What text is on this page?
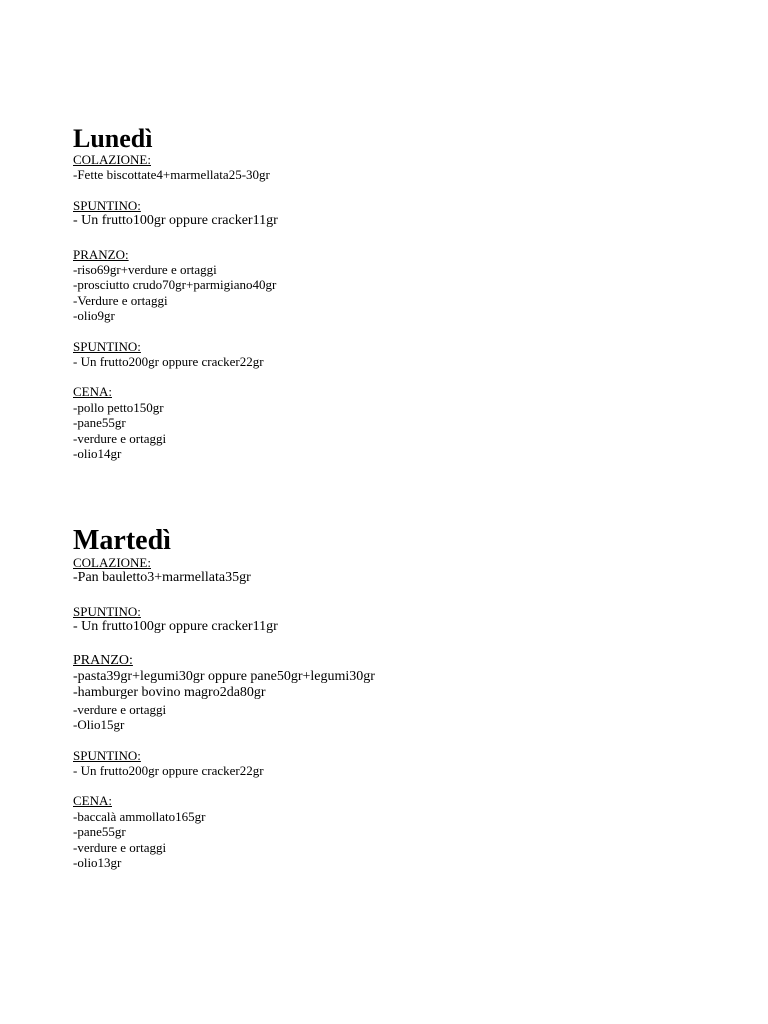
Lunedì
COLAZIONE:
-Fette biscottate4+marmellata25-30gr
SPUNTINO:
- Un frutto100gr oppure cracker11gr
PRANZO:
-riso69gr+verdure e ortaggi
-prosciutto crudo70gr+parmigiano40gr
-Verdure e ortaggi
-olio9gr
SPUNTINO:
- Un frutto200gr oppure cracker22gr
CENA:
-pollo petto150gr
-pane55gr
-verdure e ortaggi
-olio14gr
Martedì
COLAZIONE:
-Pan bauletto3+marmellata35gr
SPUNTINO:
- Un frutto100gr oppure cracker11gr
PRANZO:
-pasta39gr+legumi30gr oppure pane50gr+legumi30gr
-hamburger bovino magro2da80gr
-verdure e ortaggi
-Olio15gr
SPUNTINO:
- Un frutto200gr oppure cracker22gr
CENA:
-baccalà ammollato165gr
-pane55gr
-verdure e ortaggi
-olio13gr
